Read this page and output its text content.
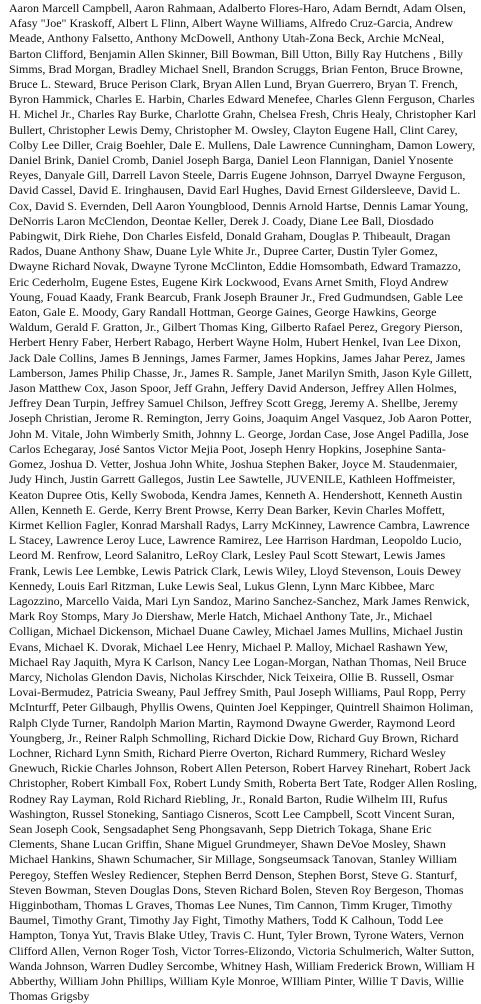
Aaron Marcell Campbell, Aaron Rahmaan, Adalberto Flores-Haro, Adam Berndt, Adam Olsen, Afasy "Joe" Kraskoff, Albert L Flinn, Albert Wayne Williams, Alfredo Cruz-Garcia, Andrew Meade, Anthony Falsetto, Anthony McDowell, Anthony Utah-Zona Beck, Archie McNeal, Barton Clifford, Benjamin Allen Skinner, Bill Bowman, Bill Utton, Billy Ray Hutchens , Billy Simms, Brad Morgan, Bradley Michael Snell, Brandon Scruggs, Brian Fenton, Bruce Browne, Bruce L. Steward, Bruce Perison Clark, Bryan Allen Lund, Bryan Guerrero, Bryan T. French, Byron Hammick, Charles E. Harbin, Charles Edward Menefee, Charles Glenn Ferguson, Charles H. Michel Jr., Charles Ray Burke, Charlotte Grahn, Chelsea Fresh, Chris Healy, Christopher Karl Bullert, Christopher Lewis Demy, Christopher M. Owsley, Clayton Eugene Hall, Clint Carey, Colby Lee Diller, Craig Boehler, Dale E. Mullens, Dale Lawrence Cunningham, Damon Lowery, Daniel Brink, Daniel Cromb, Daniel Joseph Barga, Daniel Leon Flannigan, Daniel Ynosente Reyes, Danyale Gill, Darrell Lavon Steele, Darris Eugene Johnson, Darryel Dwayne Ferguson, David Cassel, David E. Iringhausen, David Earl Hughes, David Ernest Gildersleeve, David L. Cox, David S. Evernden, Dell Aaron Youngblood, Dennis Arnold Hartse, Dennis Lamar Young, DeNorris Laron McClendon, Deontae Keller, Derek J. Coady, Diane Lee Ball, Diosdado Pabingwit, Dirk Riehe, Don Charles Eisfeld, Donald Graham, Douglas P. Thibeault, Dragan Rados, Duane Anthony Shaw, Duane Lyle White Jr., Dupree Carter, Dustin Tyler Gomez, Dwayne Richard Novak, Dwayne Tyrone McClinton, Eddie Homsombath, Edward Tramazzo, Eric Cederholm, Eugene Estes, Eugene Kirk Lockwood, Evans Arnet Smith, Floyd Andrew Young, Fouad Kaady, Frank Bearcub, Frank Joseph Brauner Jr., Fred Gudmundsen, Gable Lee Eaton, Gale E. Moody, Gary Randall Hottman, George Gaines, George Hawkins, George Waldum, Gerald F. Gratton, Jr., Gilbert Thomas King, Gilberto Rafael Perez, Gregory Pierson, Herbert Henry Faber, Herbert Rabago, Herbert Wayne Holm, Hubert Henkel, Ivan Lee Dixon, Jack Dale Collins, James B Jennings, James Farmer, James Hopkins, James Jahar Perez, James Lamberson, James Philip Chasse, Jr., James R. Sample, Janet Marilyn Smith, Jason Kyle Gillett, Jason Matthew Cox, Jason Spoor, Jeff Grahn, Jeffery David Anderson, Jeffrey Allen Holmes, Jeffrey Dean Turpin, Jeffrey Samuel Chilson, Jeffrey Scott Gregg, Jeremy A. Shellbe, Jeremy Joseph Christian, Jerome R. Remington, Jerry Goins, Joaquim Angel Vasquez, Job Aaron Potter, John M. Vitale, John Wimberly Smith, Johnny L. George, Jordan Case, Jose Angel Padilla, Jose Carlos Echegaray, José Santos Victor Mejia Poot, Joseph Henry Hopkins, Josephine Santa-Gomez, Joshua D. Vetter, Joshua John White, Joshua Stephen Baker, Joyce M. Staudenmaier, Judy Hinch, Justin Garrett Gallegos, Justin Lee Sawtelle, JUVENILE, Kathleen Hoffmeister, Keaton Dupree Otis, Kelly Swoboda, Kendra James, Kenneth A. Hendershott, Kenneth Austin Allen, Kenneth E. Gerde, Kerry Brent Prowse, Kerry Dean Barker, Kevin Charles Moffett, Kirmet Kellion Fagler, Konrad Marshall Radys, Larry McKinney, Lawrence Cambra, Lawrence L Stacey, Lawrence Leroy Luce, Lawrence Ramirez, Lee Harrison Hardman, Leopoldo Lucio, Leord M. Renfrow, Leord Salanitro, LeRoy Clark, Lesley Paul Scott Stewart, Lewis James Frank, Lewis Lee Lembke, Lewis Patrick Clark, Lewis Wiley, Lloyd Stevenson, Louis Dewey Kennedy, Louis Earl Ritzman, Luke Lewis Seal, Lukus Glenn, Lynn Marc Kibbee, Marc Lagozzino, Marcello Vaida, Mari Lyn Sandoz, Marino Sanchez-Sanchez, Mark James Renwick, Mark Roy Stomps, Mary Jo Diershaw, Merle Hatch, Michael Anthony Tate, Jr., Michael Colligan, Michael Dickenson, Michael Duane Cawley, Michael James Mullins, Michael Justin Evans, Michael K. Dvorak, Michael Lee Henry, Michael P. Malloy, Michael Rashawn Yew, Michael Ray Jaquith, Myra K Carlson, Nancy Lee Logan-Morgan, Nathan Thomas, Neil Bruce Marcy, Nicholas Glendon Davis, Nicholas Kirschder, Nick Teixeira, Ollie B. Russell, Osmar Lovai-Bermudez, Patricia Sweany, Paul Jeffrey Smith, Paul Joseph Williams, Paul Ropp, Perry McInturff, Peter Gilbaugh, Phyllis Owens, Quinten Joel Keppinger, Quintrell Shaimon Holiman, Ralph Clyde Turner, Randolph Marion Martin, Raymond Dwayne Gwerder, Raymond Leord Youngberg, Jr., Reiner Ralph Schmolling, Richard Dickie Dow, Richard Guy Brown, Richard Lochner, Richard Lynn Smith, Richard Pierre Overton, Richard Rummery, Richard Wesley Gnewuch, Rickie Charles Johnson, Robert Allen Peterson, Robert Harvey Rinehart, Robert Jack Christopher, Robert Kimball Fox, Robert Lundy Smith, Roberta Bert Tate, Rodger Allen Rosling, Rodney Ray Layman, Rold Richard Riebling, Jr., Ronald Barton, Rudie Wilhelm III, Rufus Washington, Russel Stoneking, Santiago Cisneros, Scott Lee Campbell, Scott Vincent Suran, Sean Joseph Cook, Sengsadaphet Seng Phongsavanh, Sepp Dietrich Tokaga, Shane Eric Clements, Shane Lucan Griffin, Shane Miguel Grundmeyer, Shawn DeVoe Mosley, Shawn Michael Hankins, Shawn Schumacher, Sir Millage, Songseumsack Tanovan, Stanley William Peregoy, Steffen Wesley Rediencer, Stephen Berrd Denson, Stephen Borst, Steve G. Stanturf, Steven Bowman, Steven Douglas Dons, Steven Richard Bolen, Steven Roy Bergeson, Thomas Higginbotham, Thomas L Graves, Thomas Lee Nunes, Tim Cannon, Timm Kruger, Timothy Baumel, Timothy Grant, Timothy Jay Fight, Timothy Mathers, Todd K Calhoun, Todd Lee Hampton, Tonya Yut, Travis Blake Utley, Travis C. Hunt, Tyler Brown, Tyrone Waters, Vernon Clifford Allen, Vernon Roger Tosh, Victor Torres-Elizondo, Victoria Schulmerich, Walter Sutton, Wanda Johnson, Warren Dudley Sercombe, Whitney Hash, William Frederick Brown, William H Abberthy, William John Phillips, William Kyle Monroe, WIlliam Pinter, Willie T Davis, Willie Thomas Grigsby
